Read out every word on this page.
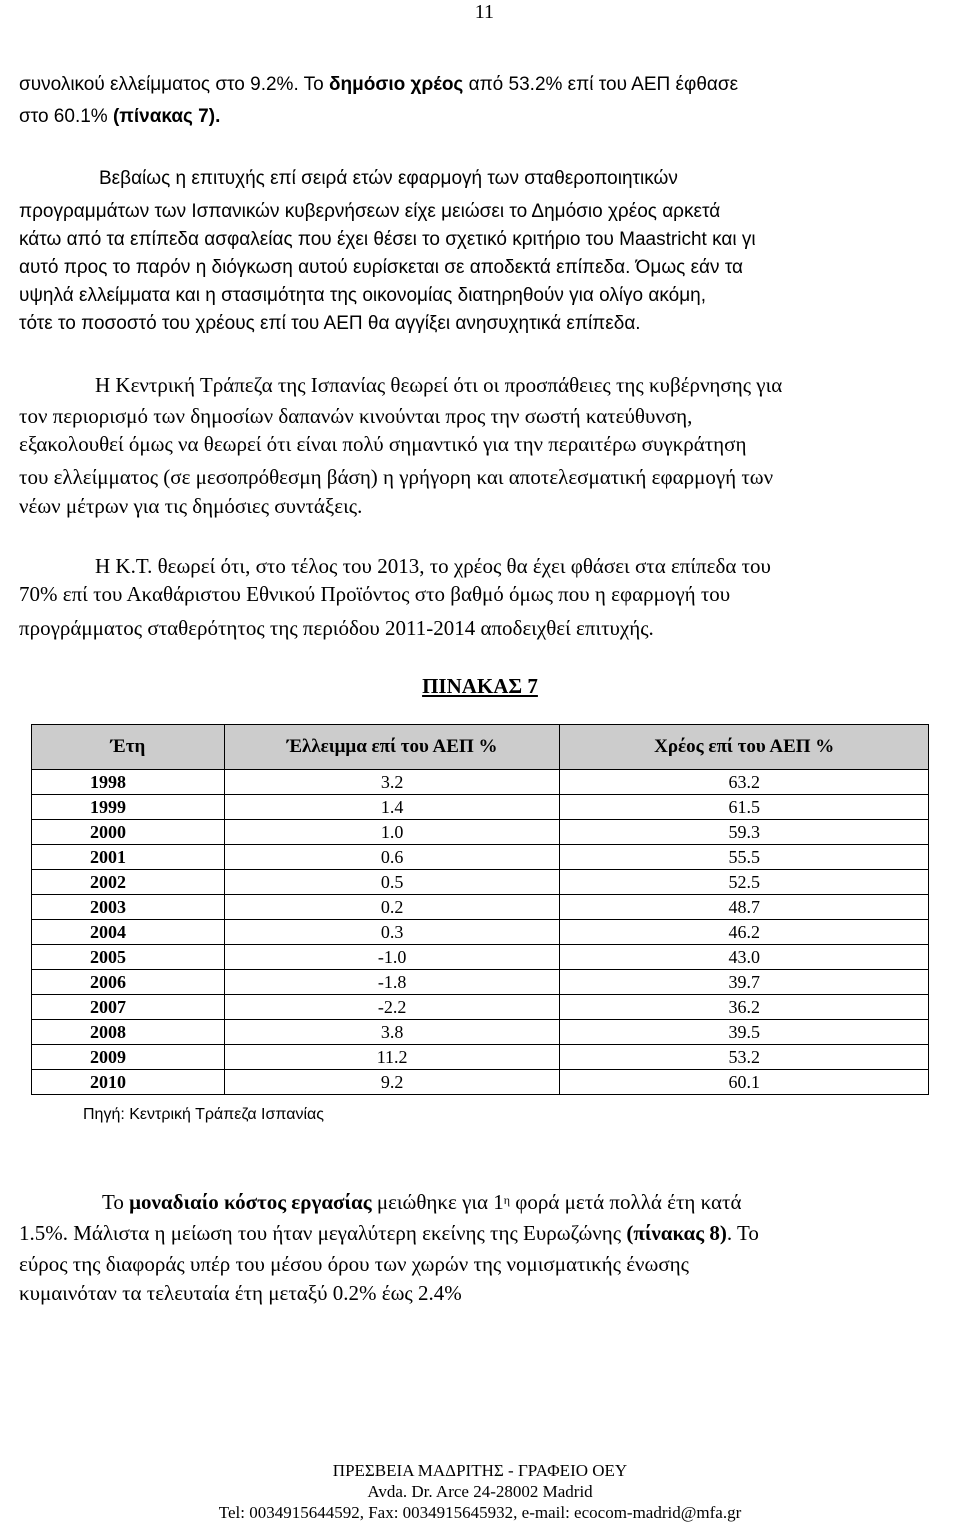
11
συνολικού ελλείμματος στο 9.2%. Το δημόσιο χρέος από 53.2% επί του ΑΕΠ έφθασε
στο 60.1% (πίνακας 7).
Βεβαίως η επιτυχής επί σειρά ετών εφαρμογή των σταθεροποιητικών
προγραμμάτων των Ισπανικών κυβερνήσεων είχε μειώσει το Δημόσιο χρέος αρκετά
κάτω από τα επίπεδα ασφαλείας που έχει θέσει το σχετικό κριτήριο του Maastricht και γι
αυτό προς το παρόν η διόγκωση αυτού ευρίσκεται σε αποδεκτά επίπεδα. Όμως εάν τα
υψηλά ελλείμματα και η στασιμότητα της οικονομίας διατηρηθούν για ολίγο ακόμη,
τότε το ποσοστό του χρέους επί του ΑΕΠ θα αγγίξει ανησυχητικά επίπεδα.
Η Κεντρική Τράπεζα της Ισπανίας θεωρεί ότι οι προσπάθειες της κυβέρνησης για
τον περιορισμό των δημοσίων δαπανών κινούνται προς την σωστή κατεύθυνση,
εξακολουθεί όμως να θεωρεί ότι είναι πολύ σημαντικό για την περαιτέρω συγκράτηση
του ελλείμματος (σε μεσοπρόθεσμη βάση) η γρήγορη και αποτελεσματική εφαρμογή των
νέων μέτρων για τις δημόσιες συντάξεις.
Η Κ.Τ. θεωρεί ότι, στο τέλος του 2013, το χρέος θα έχει φθάσει στα επίπεδα του
70% επί του Ακαθάριστου Εθνικού Προϊόντος στο βαθμό όμως που η εφαρμογή του
προγράμματος σταθερότητος της περιόδου 2011-2014 αποδειχθεί επιτυχής.
ΠΙΝΑΚΑΣ 7
Έτη	Έλλειμμα επί του ΑΕΠ %	Χρέος επί του ΑΕΠ %
1998	3.2	63.2
1999	1.4	61.5
2000	1.0	59.3
2001	0.6	55.5
2002	0.5	52.5
2003	0.2	48.7
2004	0.3	46.2
2005	-1.0	43.0
2006	-1.8	39.7
2007	-2.2	36.2
2008	3.8	39.5
2009	11.2	53.2
2010	9.2	60.1
Πηγή: Κεντρική Τράπεζα Ισπανίας
Το μοναδιαίο κόστος εργασίας μειώθηκε για $1^\eta$ φορά μετά πολλά έτη κατά
1.5%. Μάλιστα η μείωση του ήταν μεγαλύτερη εκείνης της Ευρωζώνης (πίνακας 8). Το
εύρος της διαφοράς υπέρ του μέσου όρου των χωρών της νομισματικής ένωσης
κυμαινόταν τα τελευταία έτη μεταξύ 0.2% έως 2.4%
ΠΡΕΣΒΕΙΑ ΜΑΔΡΙΤΗΣ - ΓΡΑΦΕΙΟ ΟΕΥ
Avda. Dr. Arce 24-28002 Madrid
Tel: 0034915644592, Fax: 0034915645932, e-mail: ecocom-madrid@mfa.gr
